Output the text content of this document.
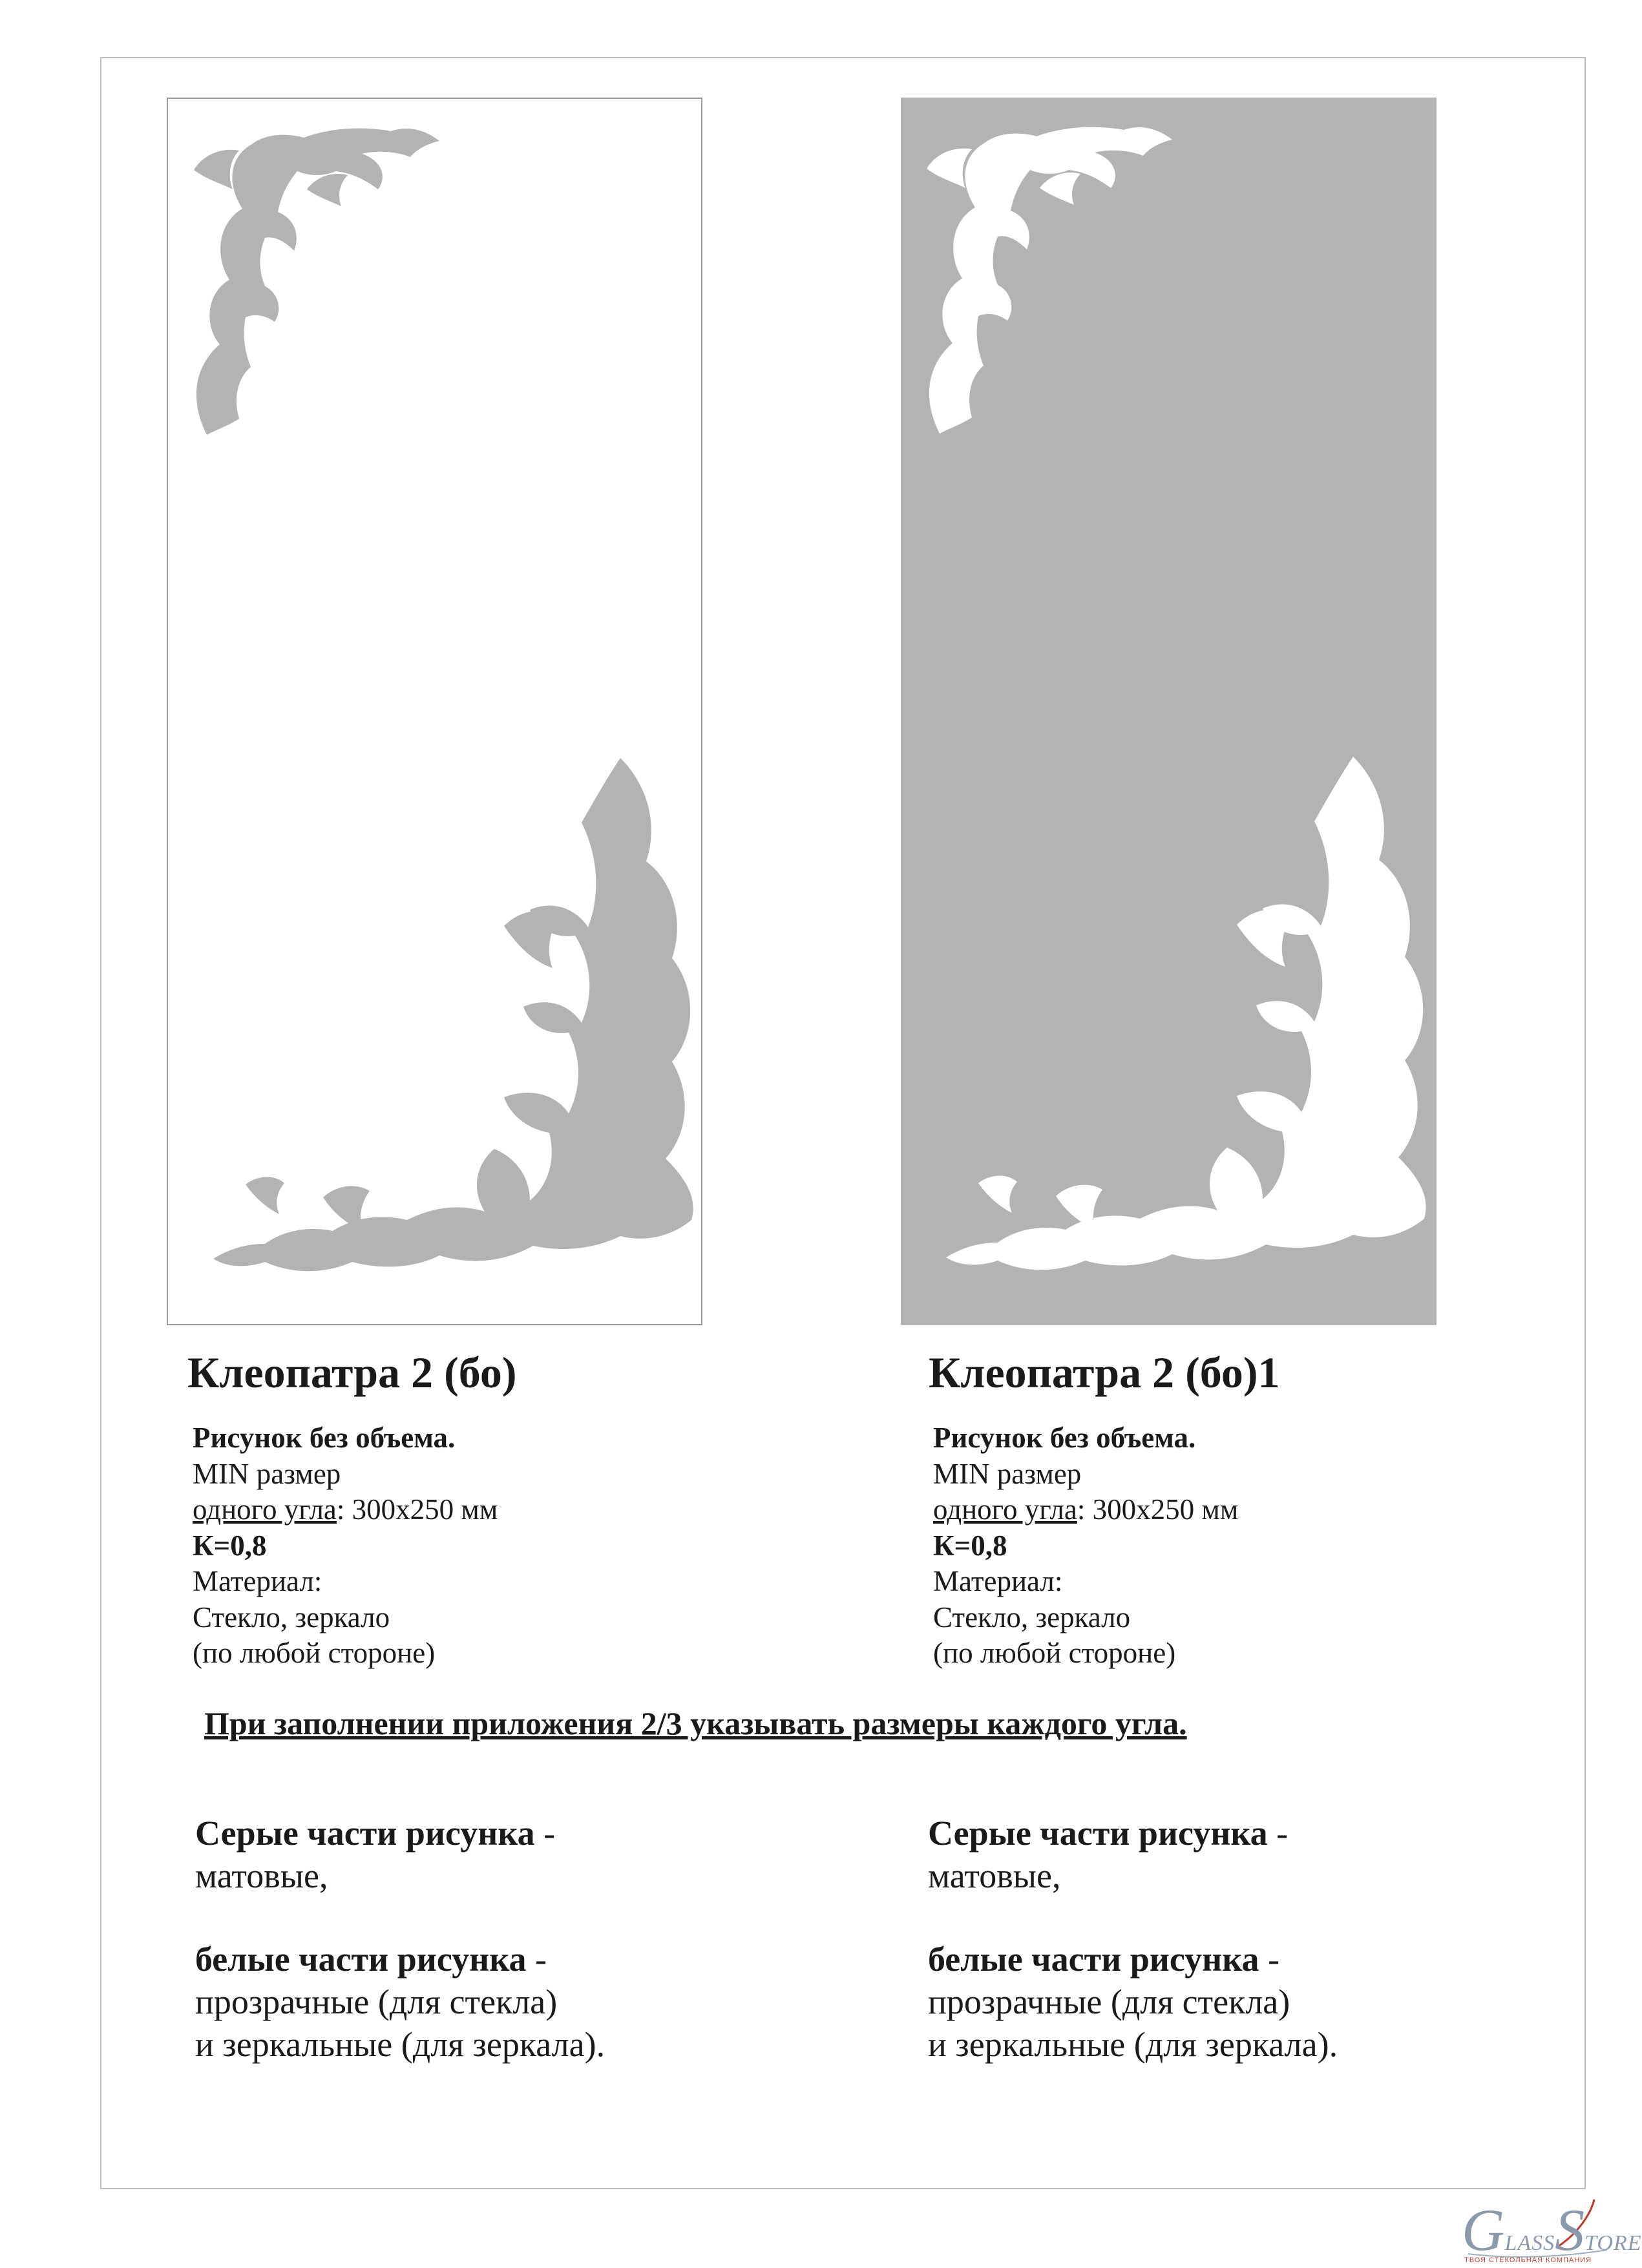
Клеопатра 2 (бо)	Клеопатра 2 (бо)1
Рисунок без объема.
MIN размер
одного угла: 300х250 мм
К=0,8
Материал:
Стекло, зеркало
(по любой стороне)
Рисунок без объема.
MIN размер
одного угла: 300х250 мм
К=0,8
Материал:
Стекло, зеркало
(по любой стороне)
При заполнении приложения 2/3 указывать размеры каждого угла.
Серые части рисунка -
матовые,
белые части рисунка -
прозрачные (для стекла)
и зеркальные (для зеркала).
Серые части рисунка -
матовые,
белые части рисунка -
прозрачные (для стекла)
и зеркальные (для зеркала).
GLASSSTORE
ТВОЯ СТЕКОЛЬНАЯ КОМПАНИЯ
